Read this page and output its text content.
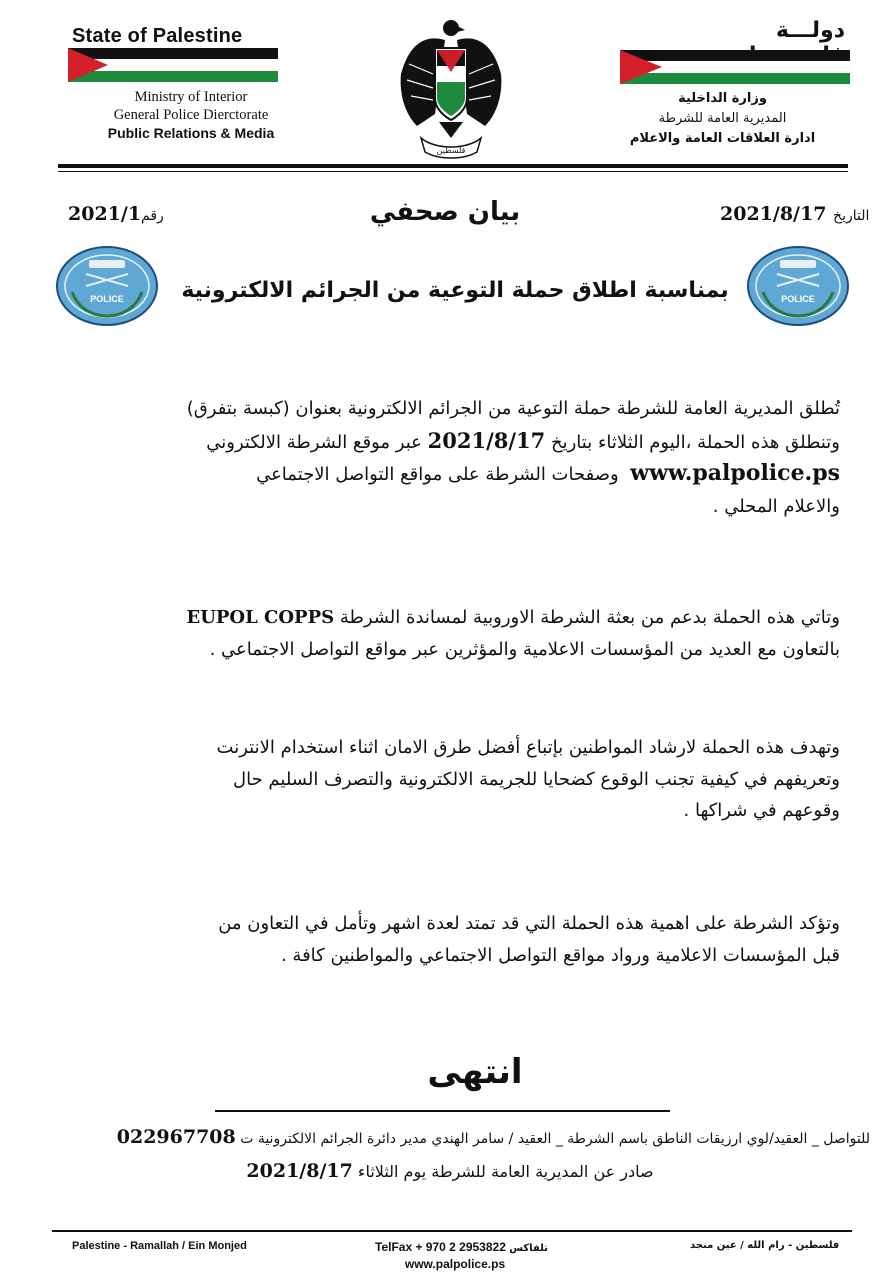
State of Palestine
Ministry of Interior
General Police Dierctorate
Public Relations & Media
فلسطين
دولـــة
وزارة الداخلية
المديرية العامة للشرطة
ادارة العلاقات العامة والاعلام
رقم2021/1	بيان صحفي	التاريخ 2021/8/17
POLICE	POLICE
بمناسبة اطلاق حملة التوعية من الجرائم الالكترونية

تُطلق المديرية العامة للشرطة حملة التوعية من الجرائم الالكترونية بعنوان (كبسة بتفرق)

وتنطلق هذه الحملة ،اليوم الثلاثاء بتاريخ 2021/8/17 عبر موقع الشرطة الالكتروني

www.palpolice.ps  وصفحات الشرطة على مواقع التواصل الاجتماعي

والاعلام المحلي .

وتاتي هذه الحملة بدعم من بعثة الشرطة الاوروبية لمساندة الشرطة EUPOL COPPS

بالتعاون مع العديد من المؤسسات الاعلامية والمؤثرين عبر مواقع التواصل الاجتماعي .

وتهدف هذه الحملة لارشاد المواطنين بإتباع أفضل طرق الامان اثناء استخدام الانترنت

وتعريفهم في كيفية تجنب الوقوع كضحايا للجريمة الالكترونية والتصرف السليم حال

وقوعهم في شراكها .

وتؤكد الشرطة على اهمية هذه الحملة التي قد تمتد لعدة اشهر وتأمل في التعاون من

قبل المؤسسات الاعلامية ورواد مواقع التواصل الاجتماعي والمواطنين كافة .

انتهى
للتواصل _ العقيد/لوي ارزيقات الناطق باسم الشرطة _ العقيد / سامر الهندي مدير دائرة الجرائم الالكترونية ت 022967708
صادر عن المديرية العامة للشرطة يوم الثلاثاء 2021/8/17
Palestine - Ramallah / Ein Monjed	TelFax + 970 2 2953822 تلفاكس	فلسطين - رام الله / عين منجد
www.palpolice.ps
